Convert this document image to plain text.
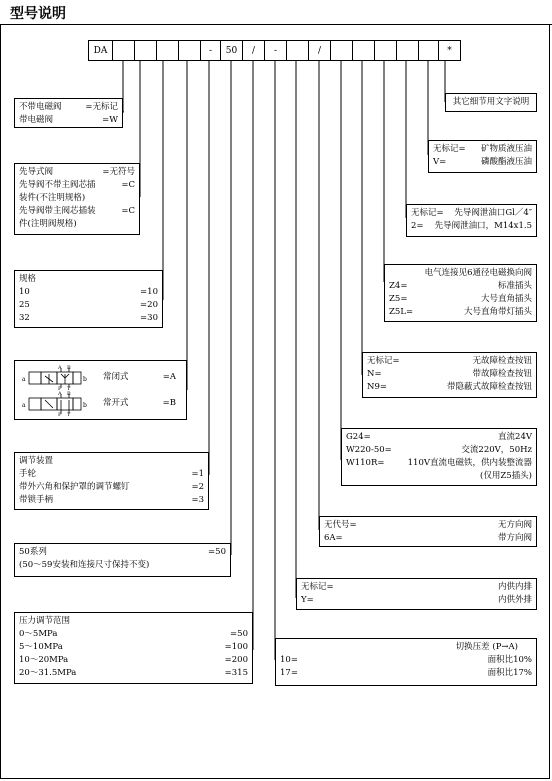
型号说明
DA	-	50	/	-	/	*
不带电磁阀	=无标记
带电磁阀	=W
先导式阀	=无符号
先导阀不带主阀芯插	=C
装件(不注明规格)
先导阀带主阀芯插装	=C
件(注明阀规格)
规格
10	=10
25	=20
32	=30
a	b
A B
P T
常闭式	=A
a	b
A B
P T
常开式	=B
调节装置
手轮	=1
带外六角和保护罩的调节螺钉	=2
带锁手柄	=3
50系列	=50
(50～59安装和连接尺寸保持不变)
压力调节范围
0～5MPa	=50
5～10MPa	=100
10～20MPa	=200
20～31.5MPa	=315
其它细节用文字说明
无标记= 矿物质液压油
V=	磷酸酯液压油
无标记= 先导阀泄油口Gl／4″
2= 先导阀泄油口，M14x1.5
电气连接见6通径电磁换向阀
Z4=	标准插头
Z5=	大号直角插头
Z5L=	大号直角带灯插头
无标记=	无故障检查按钮
N=	带故障检查按钮
N9=	带隐蔽式故障检查按钮
G24=	直流24V
W220-50=	交流220V，50Hz
W110R=	110V直流电磁铁，供内装整流器
(仅用Z5插头)
无代号=	无方向阀
6A=	带方向阀
无标记=	内供内排
Y=	内供外排
切换压差 (P→A)
10=	面积比10%
17=	面积比17%
